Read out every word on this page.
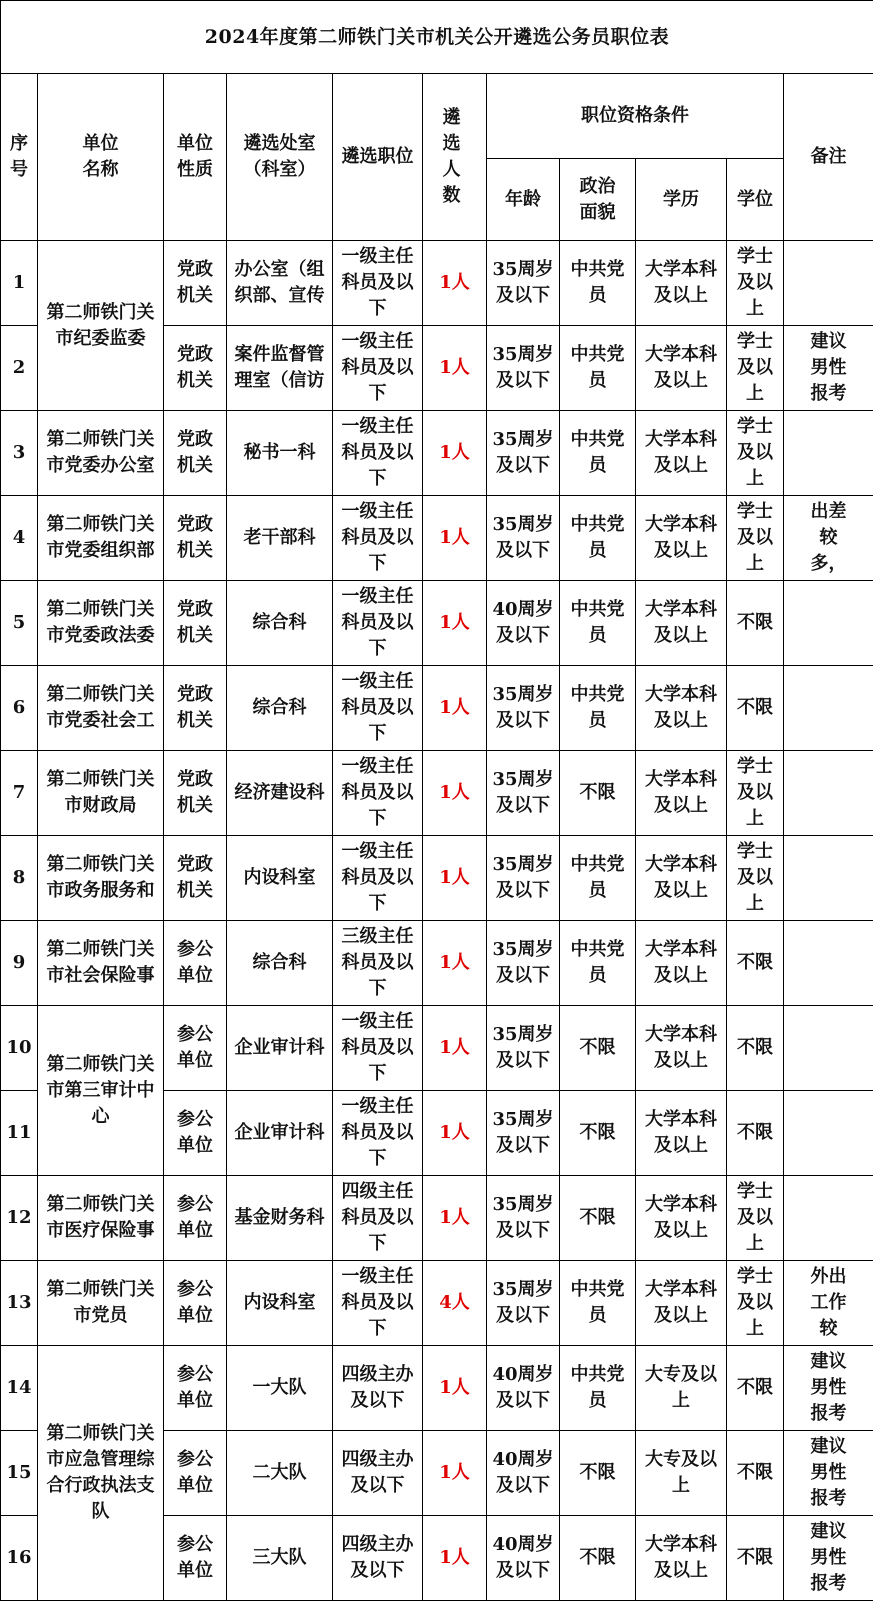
2024年度第二师铁门关市机关公开遴选公务员职位表										

序号	单位名称	单位性质	遴选处室（科室）	遴选职位	遴选人数	职位资格条件				备注
						年龄	政治面貌	学历	学位	

1	第二师铁门关市纪委监委	党政机关	办公室（组织部、宣传	一级主任科员及以下	1人	35周岁及以下	中共党员	大学本科及以上	学士及以上	

2		党政机关	案件监督管理室（信访	一级主任科员及以下	1人	35周岁及以下	中共党员	大学本科及以上	学士及以上	建议男性报考

3	第二师铁门关市党委办公室	党政机关	秘书一科	一级主任科员及以下	1人	35周岁及以下	中共党员	大学本科及以上	学士及以上	

4	第二师铁门关市党委组织部	党政机关	老干部科	一级主任科员及以下	1人	35周岁及以下	中共党员	大学本科及以上	学士及以上	出差较多，

5	第二师铁门关市党委政法委	党政机关	综合科	一级主任科员及以下	1人	40周岁及以下	中共党员	大学本科及以上	不限	

6	第二师铁门关市党委社会工	党政机关	综合科	一级主任科员及以下	1人	35周岁及以下	中共党员	大学本科及以上	不限	

7	第二师铁门关市财政局	党政机关	经济建设科	一级主任科员及以下	1人	35周岁及以下	不限	大学本科及以上	学士及以上	

8	第二师铁门关市政务服务和	党政机关	内设科室	一级主任科员及以下	1人	35周岁及以下	中共党员	大学本科及以上	学士及以上	

9	第二师铁门关市社会保险事	参公单位	综合科	三级主任科员及以下	1人	35周岁及以下	中共党员	大学本科及以上	不限	

10	第二师铁门关市第三审计中心	参公单位	企业审计科	一级主任科员及以下	1人	35周岁及以下	不限	大学本科及以上	不限	

11		参公单位	企业审计科	一级主任科员及以下	1人	35周岁及以下	不限	大学本科及以上	不限	

12	第二师铁门关市医疗保险事	参公单位	基金财务科	四级主任科员及以下	1人	35周岁及以下	不限	大学本科及以上	学士及以上	

13	第二师铁门关市党员	参公单位	内设科室	一级主任科员及以下	4人	35周岁及以下	中共党员	大学本科及以上	学士及以上	外出工作较

14	第二师铁门关市应急管理综合行政执法支队	参公单位	一大队	四级主办及以下	1人	40周岁及以下	中共党员	大专及以上	不限	建议男性报考

15		参公单位	二大队	四级主办及以下	1人	40周岁及以下	不限	大专及以上	不限	建议男性报考

16		参公单位	三大队	四级主办及以下	1人	40周岁及以下	不限	大学本科及以上	不限	建议男性报考
